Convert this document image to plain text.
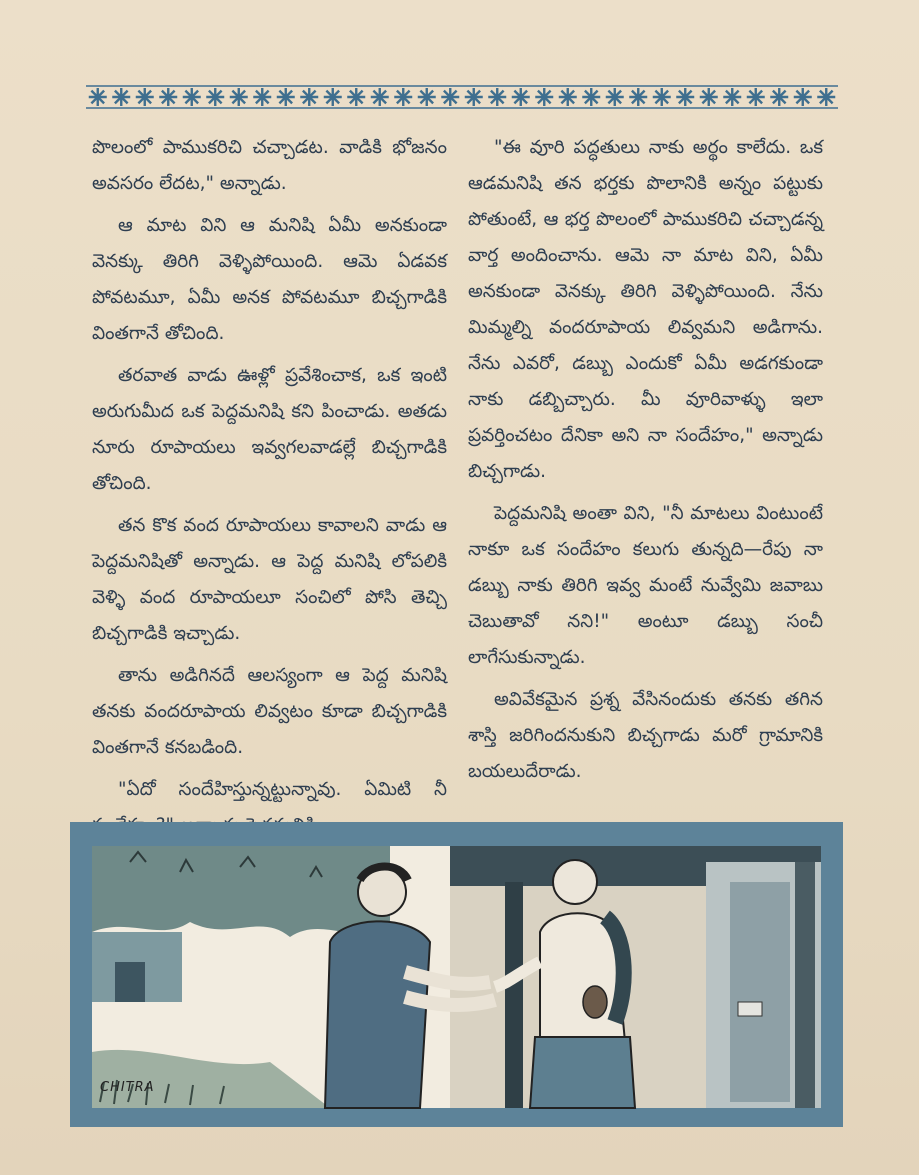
పొలంలో పాముకరిచి చచ్చాడట. వాడికి భోజనం అవసరం లేదట," అన్నాడు.

ఆ మాట విని ఆ మనిషి ఏమీ అనకుండా వెనక్కు తిరిగి వెళ్ళిపోయింది. ఆమె ఏడవక పోవటమూ, ఏమీ అనక పోవటమూ బిచ్చగాడికి వింతగానే తోచింది.

తరవాత వాడు ఊళ్లో ప్రవేశించాక, ఒక ఇంటి అరుగుమీద ఒక పెద్దమనిషి కని పించాడు. అతడు నూరు రూపాయలు ఇవ్వగలవాడల్లే బిచ్చగాడికి తోచింది.

తన కొక వంద రూపాయలు కావాలని వాడు ఆ పెద్దమనిషితో అన్నాడు. ఆ పెద్ద మనిషి లోపలికి వెళ్ళి వంద రూపాయలూ సంచిలో పోసి తెచ్చి బిచ్చగాడికి ఇచ్చాడు.

తాను అడిగినదే ఆలస్యంగా ఆ పెద్ద మనిషి తనకు వందరూపాయ లివ్వటం కూడా బిచ్చగాడికి వింతగానే కనబడింది.

"ఏదో సందేహిస్తున్నట్టున్నావు. ఏమిటి నీ

"ఈ వూరి పద్ధతులు నాకు అర్థం కాలేదు. ఒక ఆడమనిషి తన భర్తకు పొలానికి అన్నం పట్టుకు పోతుంటే, ఆ భర్త పొలంలో పాముకరిచి చచ్చాడన్న వార్త అందించాను. ఆమె నా మాట విని, ఏమీ అనకుండా వెనక్కు తిరిగి వెళ్ళిపోయింది. నేను మిమ్మల్ని వందరూపాయ లివ్వమని అడిగాను. నేను ఎవరో, డబ్బు ఎందుకో ఏమీ అడగకుండా నాకు డబ్బిచ్చారు. మీ వూరివాళ్ళు ఇలా ప్రవర్తించటం దేనికా అని నా సందేహం," అన్నాడు బిచ్చగాడు.

పెద్దమనిషి అంతా విని, "నీ మాటలు వింటుంటే నాకూ ఒక సందేహం కలుగు తున్నది—రేపు నా డబ్బు నాకు తిరిగి ఇవ్వ మంటే నువ్వేమి జవాబు చెబుతావో నని!" అంటూ డబ్బు సంచీ లాగేసుకున్నాడు.

అవివేకమైన ప్రశ్న వేసినందుకు తనకు తగిన శాస్తి జరిగిందనుకుని బిచ్చగాడు మరో గ్రామానికి బయలుదేరాడు.

CHITRA
